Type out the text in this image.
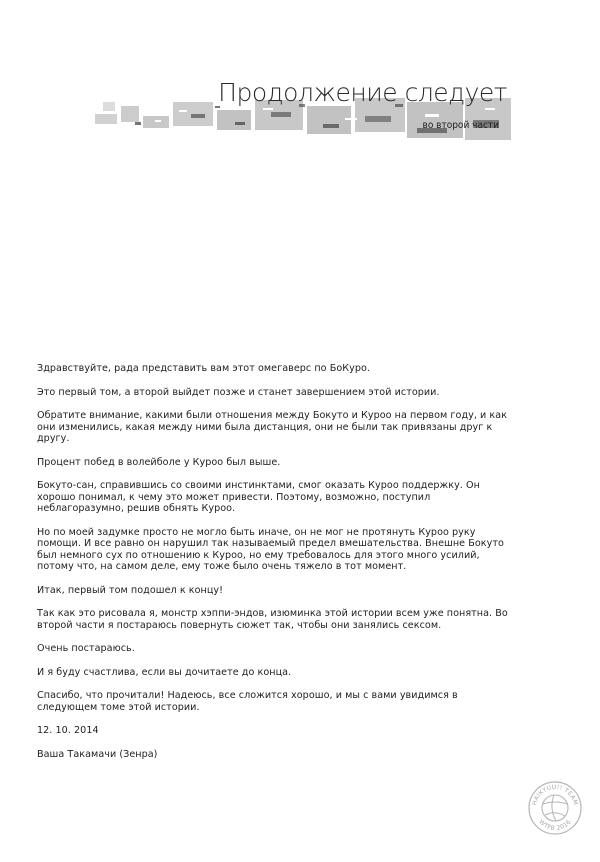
Продолжение следует
во второй части

Здравствуйте, рада представить вам этот омегаверс по БоКуро.

Это первый том, а второй выйдет позже и станет завершением этой истории.

Обратите внимание, какими были отношения между Бокуто и Куроо на первом году, и как они изменились, какая между ними была дистанция, они не были так привязаны друг к другу.

Процент побед в волейболе у Куроо был выше.

Бокуто-сан, справившись со своими инстинктами, смог оказать Куроо поддержку. Он хорошо понимал, к чему это может привести. Поэтому, возможно, поступил неблагоразумно, решив обнять Куроо.

Но по моей задумке просто не могло быть иначе, он не мог не протянуть Куроо руку помощи. И все равно он нарушил так называемый предел вмешательства. Внешне Бокуто был немного сух по отношению к Куроо, но ему требовалось для этого много усилий, потому что, на самом деле, ему тоже было очень тяжело в тот момент.

Итак, первый том подошел к концу!

Так как это рисовала я, монстр хэппи-эндов, изюминка этой истории всем уже понятна. Во второй части я постараюсь повернуть сюжет так, чтобы они занялись сексом.

Очень постараюсь.

И я буду счастлива, если вы дочитаете до конца.

Спасибо, что прочитали! Надеюсь, все сложится хорошо, и мы с вами увидимся в следующем томе этой истории.

12. 10. 2014

Ваша Такамачи (Зенра)

HAIKYUU!! TEAM
WTFB 2016
